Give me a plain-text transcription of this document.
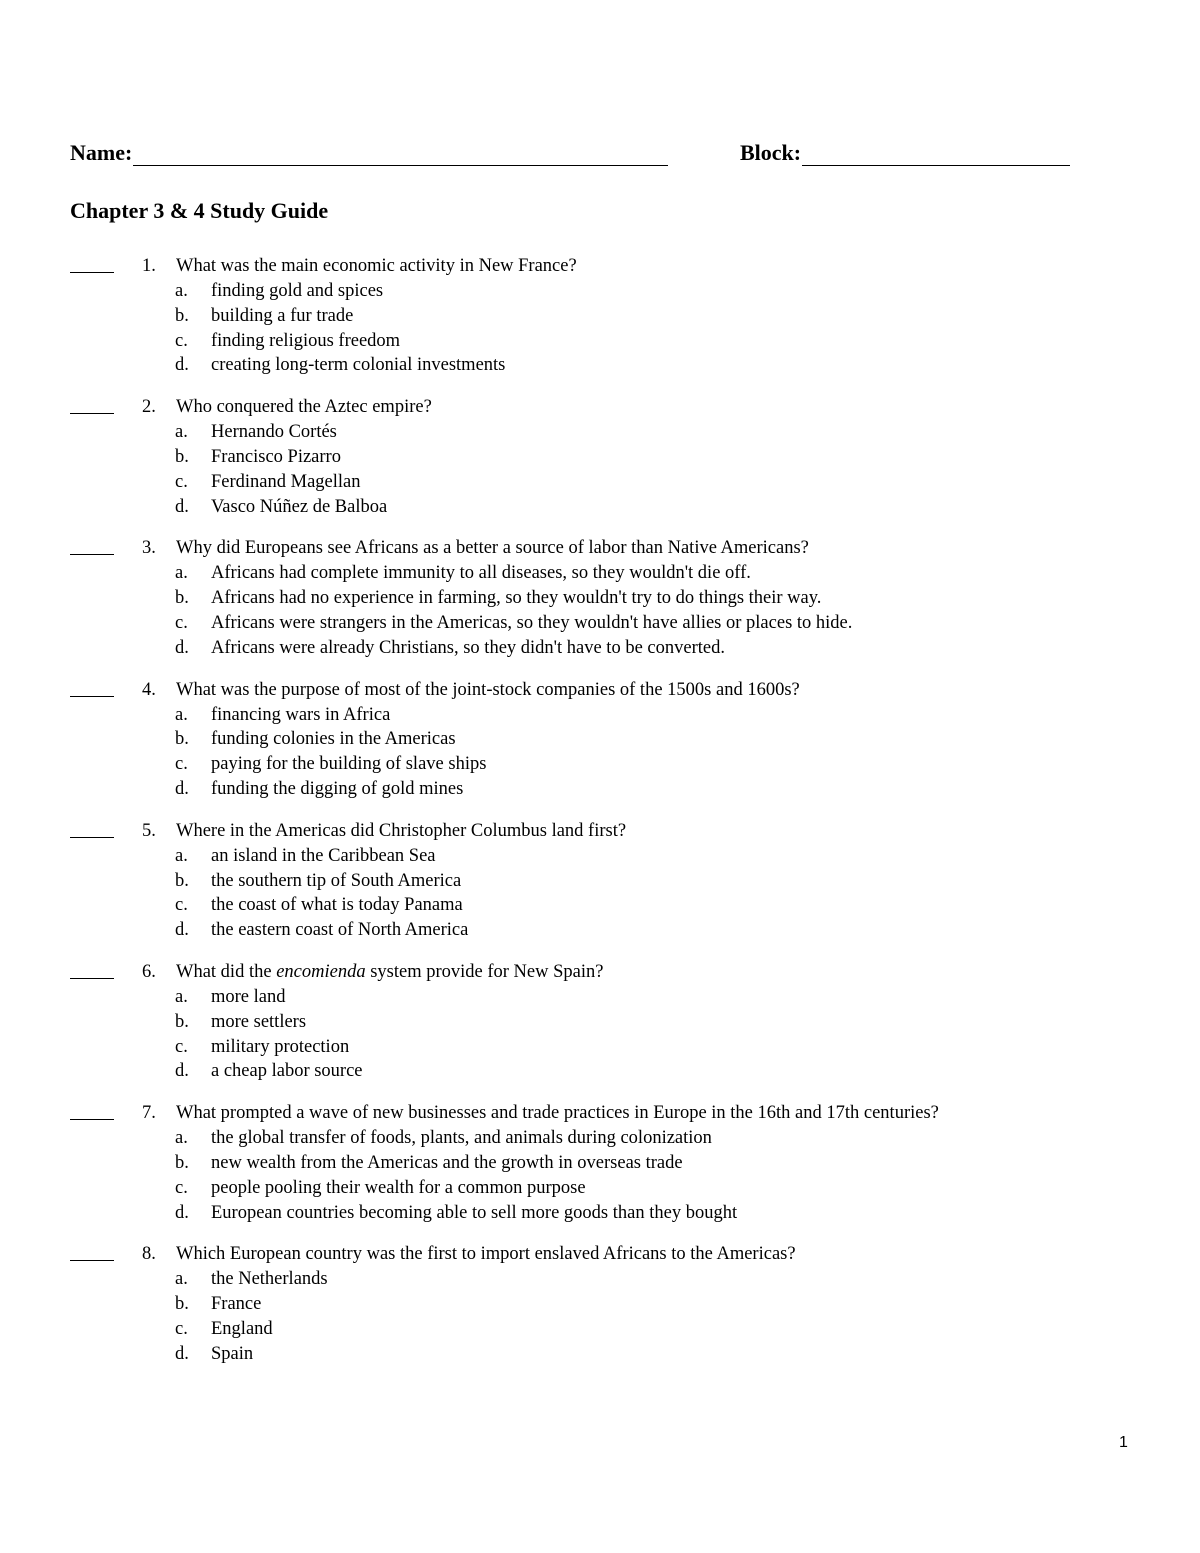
Name:	Block:
Chapter 3 & 4 Study Guide
1. What was the main economic activity in New France?
a. finding gold and spices
b. building a fur trade
c. finding religious freedom
d. creating long-term colonial investments
2. Who conquered the Aztec empire?
a. Hernando Cortés
b. Francisco Pizarro
c. Ferdinand Magellan
d. Vasco Núñez de Balboa
3. Why did Europeans see Africans as a better a source of labor than Native Americans?
a. Africans had complete immunity to all diseases, so they wouldn't die off.
b. Africans had no experience in farming, so they wouldn't try to do things their way.
c. Africans were strangers in the Americas, so they wouldn't have allies or places to hide.
d. Africans were already Christians, so they didn't have to be converted.
4. What was the purpose of most of the joint-stock companies of the 1500s and 1600s?
a. financing wars in Africa
b. funding colonies in the Americas
c. paying for the building of slave ships
d. funding the digging of gold mines
5. Where in the Americas did Christopher Columbus land first?
a. an island in the Caribbean Sea
b. the southern tip of South America
c. the coast of what is today Panama
d. the eastern coast of North America
6. What did the encomienda system provide for New Spain?
a. more land
b. more settlers
c. military protection
d. a cheap labor source
7. What prompted a wave of new businesses and trade practices in Europe in the 16th and 17th centuries?
a. the global transfer of foods, plants, and animals during colonization
b. new wealth from the Americas and the growth in overseas trade
c. people pooling their wealth for a common purpose
d. European countries becoming able to sell more goods than they bought
8. Which European country was the first to import enslaved Africans to the Americas?
a. the Netherlands
b. France
c. England
d. Spain
1
